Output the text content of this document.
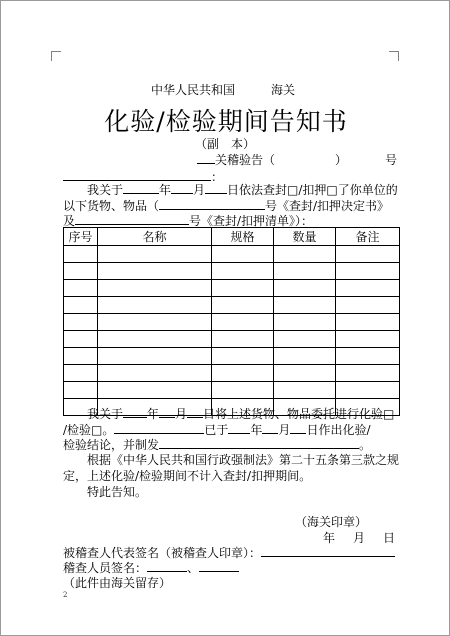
中华人民共和国	海关
化验/检验期间告知书
（副　本）
关稽验告（	）	号
：
我关于	年 月 日依法查封□/扣押□了你单位的
以下货物、物品（	号《查封/扣押决定书》
及	号《查封/扣押清单》）：
序号	名称	规格	数量	备注

我关于 年 月 日将上述货物、物品委托进行化验□
/检验□。	已于 年 月 日作出化验/
检验结论，并制发	。
根据《中华人民共和国行政强制法》第二十五条第三款之规
定，上述化验/检验期间不计入查封/扣押期间。
特此告知。
（海关印章）
年 月 日
被稽查人代表签名（被稽查人印章）：
稽查人员签名：	、
（此件由海关留存）
2
